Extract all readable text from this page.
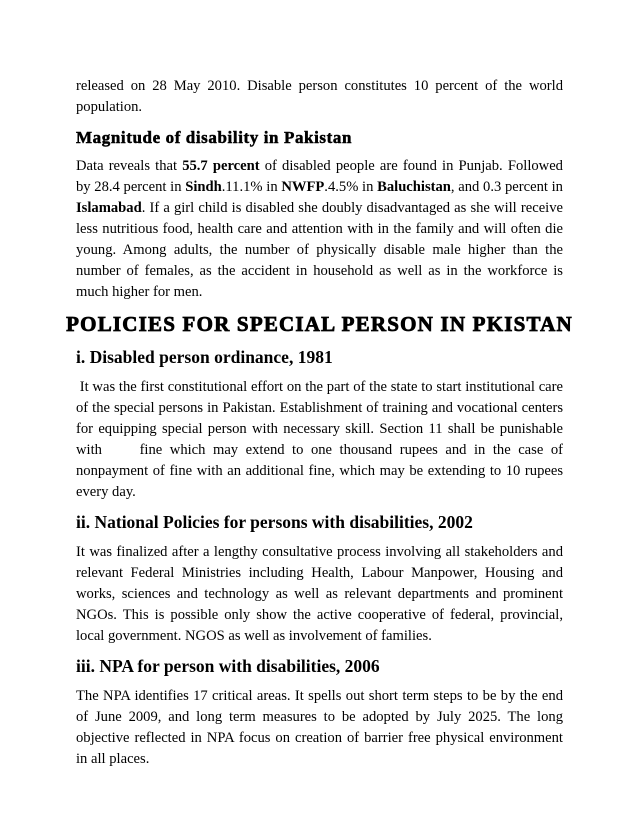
released on 28 May 2010. Disable person constitutes 10 percent of the world population.

Magnitude of disability in Pakistan

Data reveals that 55.7 percent of disabled people are found in Punjab. Followed by 28.4 percent in Sindh.11.1% in NWFP.4.5% in Baluchistan, and 0.3 percent in Islamabad. If a girl child is disabled she doubly disadvantaged as she will receive less nutritious food, health care and attention with in the family and will often die young. Among adults, the number of physically disable male higher than the number of females, as the accident in household as well as in the workforce is much higher for men.

POLICIES FOR SPECIAL PERSON IN PKISTAN
i. Disabled person ordinance, 1981

It was the first constitutional effort on the part of the state to start institutional care of the special persons in Pakistan. Establishment of training and vocational centers for equipping special person with necessary skill. Section 11 shall be punishable with     fine which may extend to one thousand rupees and in the case of nonpayment of fine with an additional fine, which may be extending to 10 rupees every day.

ii. National Policies for persons with disabilities, 2002

It was finalized after a lengthy consultative process involving all stakeholders and relevant Federal Ministries including Health, Labour Manpower, Housing and works, sciences and technology as well as relevant departments and prominent NGOs. This is possible only show the active cooperative of federal, provincial, local government. NGOS as well as involvement of families.

iii. NPA for person with disabilities, 2006

The NPA identifies 17 critical areas. It spells out short term steps to be by the end of June 2009, and long term measures to be adopted by July 2025. The long objective reflected in NPA focus on creation of barrier free physical environment in all places.
